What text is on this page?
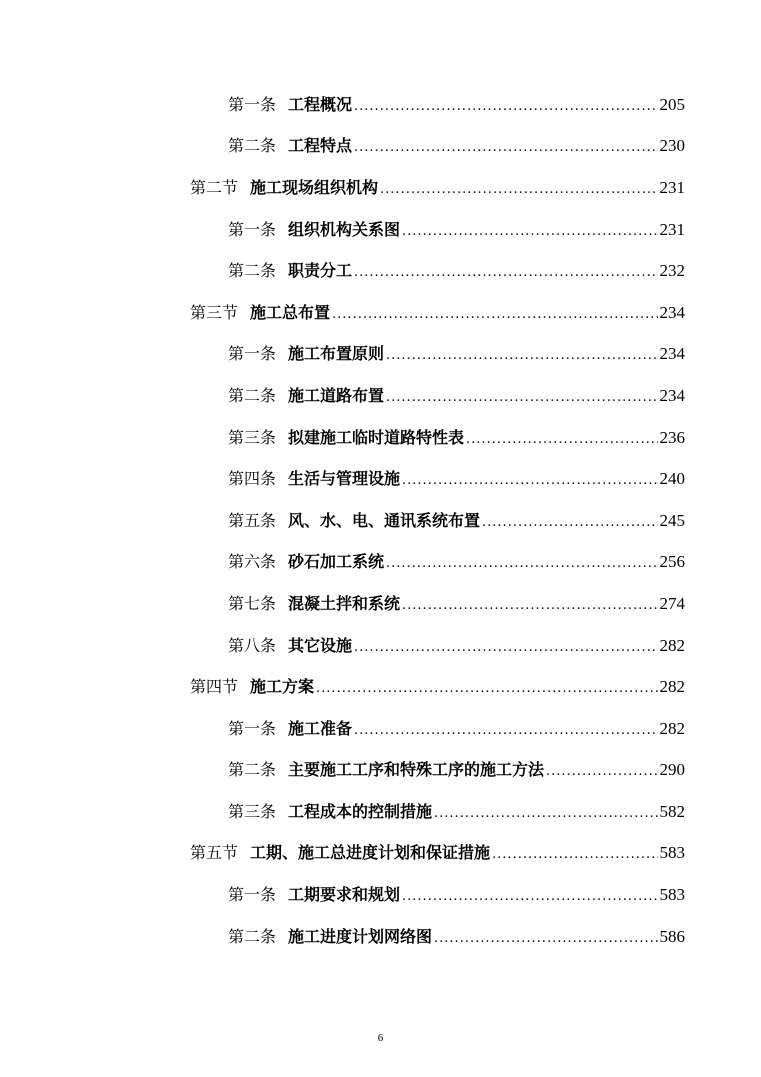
第一条 工程概况 .....	205
第二条 工程特点 .....	230
第二节 施工现场组织机构 .....	231
第一条 组织机构关系图 .....	231
第二条 职责分工 .....	232
第三节 施工总布置 .....	234
第一条 施工布置原则 .....	234
第二条 施工道路布置 .....	234
第三条 拟建施工临时道路特性表 .....	236
第四条 生活与管理设施 .....	240
第五条 风、水、电、通讯系统布置 .....	245
第六条 砂石加工系统 .....	256
第七条 混凝土拌和系统 .....	274
第八条 其它设施 .....	282
第四节 施工方案 .....	282
第一条 施工准备 .....	282
第二条 主要施工工序和特殊工序的施工方法 .....	290
第三条 工程成本的控制措施 .....	582
第五节 工期、施工总进度计划和保证措施 .....	583
第一条 工期要求和规划 .....	583
第二条 施工进度计划网络图 .....	586
6
